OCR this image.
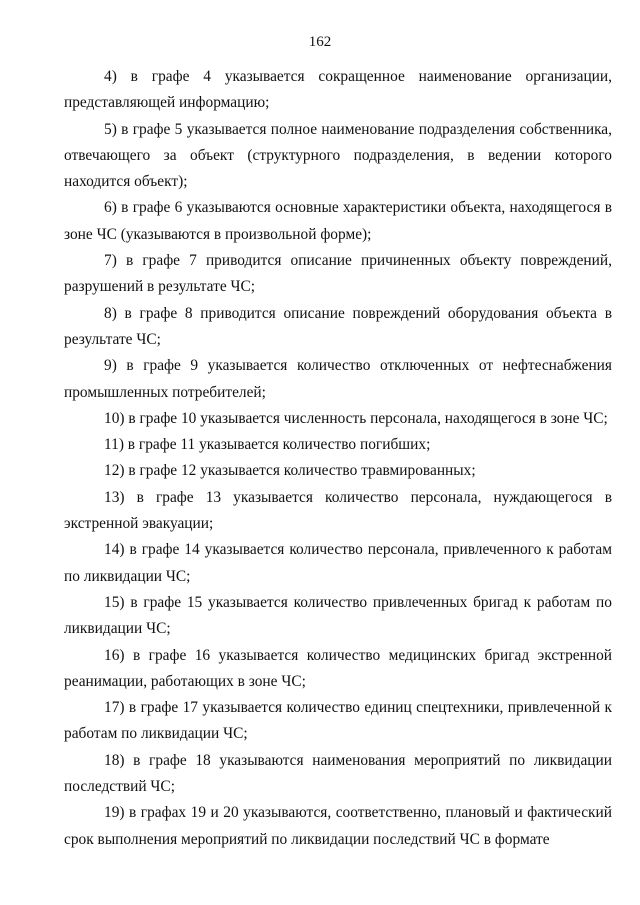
162

4) в графе 4 указывается сокращенное наименование организации, представляющей информацию;

5) в графе 5 указывается полное наименование подразделения собственника, отвечающего за объект (структурного подразделения, в ведении которого находится объект);

6) в графе 6 указываются основные характеристики объекта, находящегося в зоне ЧС (указываются в произвольной форме);

7) в графе 7 приводится описание причиненных объекту повреждений, разрушений в результате ЧС;

8) в графе 8 приводится описание повреждений оборудования объекта в результате ЧС;

9) в графе 9 указывается количество отключенных от нефтеснабжения промышленных потребителей;

10) в графе 10 указывается численность персонала, находящегося в зоне ЧС;

11) в графе 11 указывается количество погибших;

12) в графе 12 указывается количество травмированных;

13) в графе 13 указывается количество персонала, нуждающегося в экстренной эвакуации;

14) в графе 14 указывается количество персонала, привлеченного к работам по ликвидации ЧС;

15) в графе 15 указывается количество привлеченных бригад к работам по ликвидации ЧС;

16) в графе 16 указывается количество медицинских бригад экстренной реанимации, работающих в зоне ЧС;

17) в графе 17 указывается количество единиц спецтехники, привлеченной к работам по ликвидации ЧС;

18) в графе 18 указываются наименования мероприятий по ликвидации последствий ЧС;

19) в графах 19 и 20 указываются, соответственно, плановый и фактический срок выполнения мероприятий по ликвидации последствий ЧС в формате
